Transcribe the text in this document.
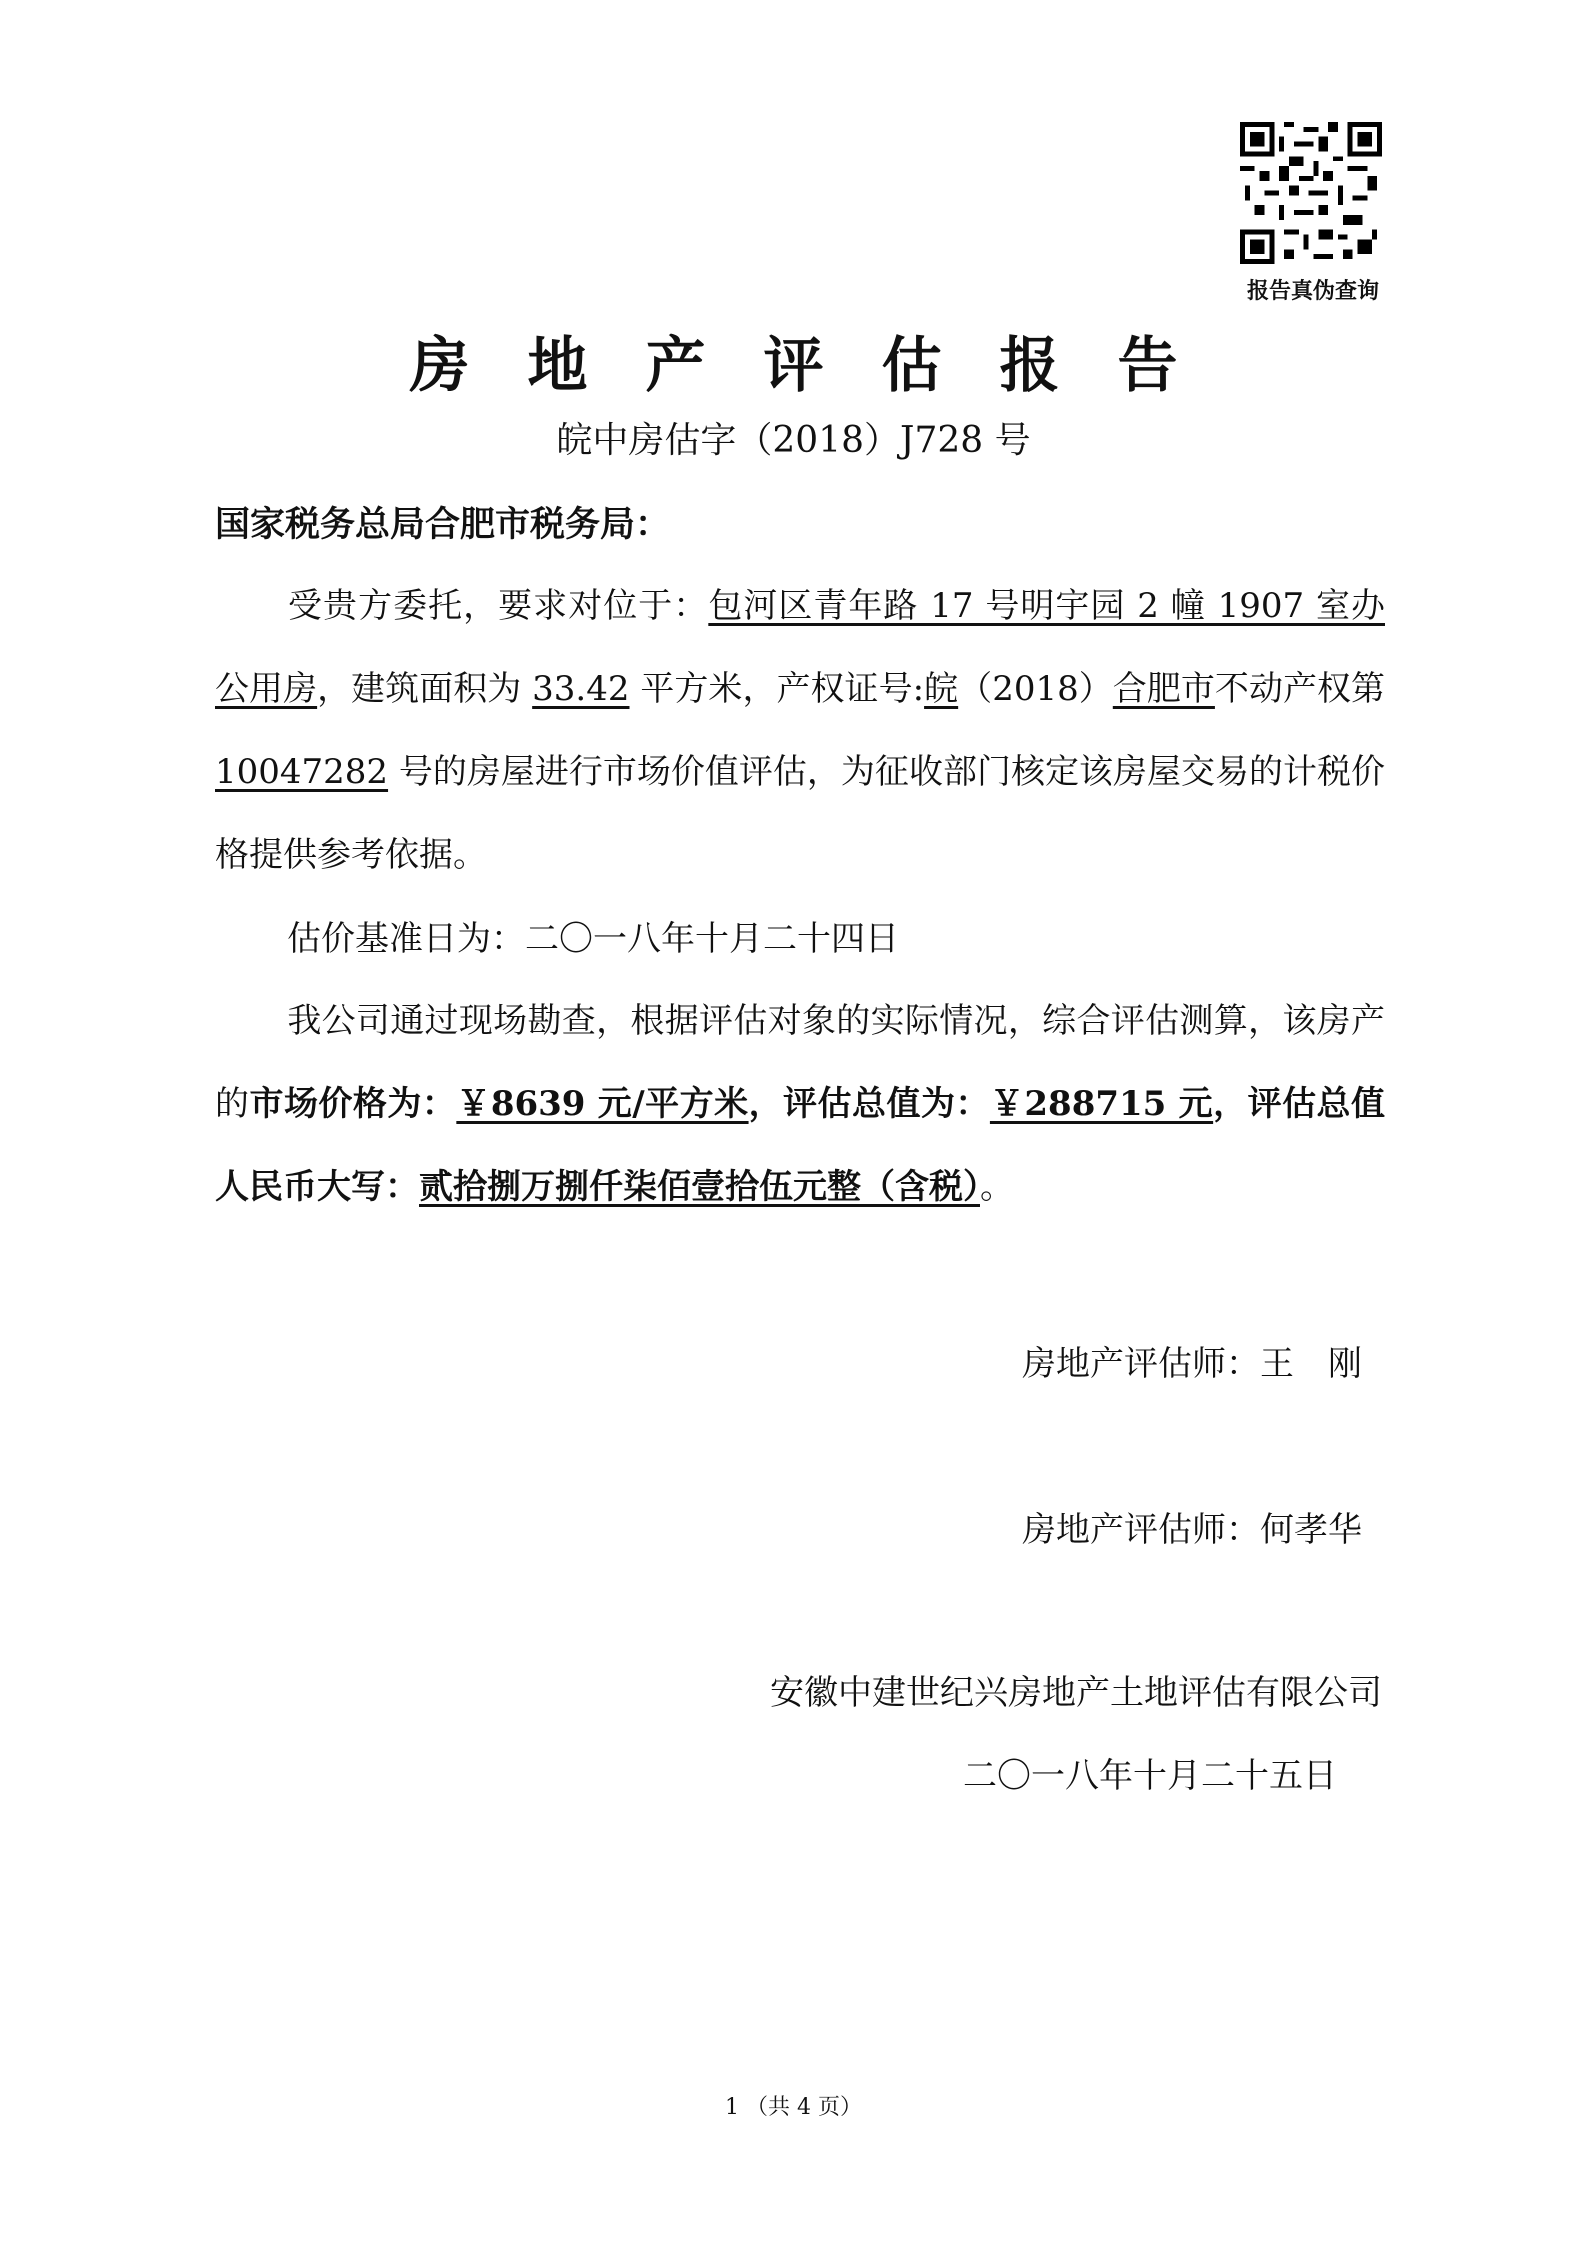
报告真伪查询
房地产评估报告
皖中房估字（2018）J728 号
国家税务总局合肥市税务局：
受贵方委托，要求对位于：包河区青年路 17 号明宇园 2 幢 1907 室办公用房，建筑面积为 33.42 平方米，产权证号:皖（2018）合肥市不动产权第 10047282 号的房屋进行市场价值评估，为征收部门核定该房屋交易的计税价格提供参考依据。
估价基准日为：二〇一八年十月二十四日
我公司通过现场勘查，根据评估对象的实际情况，综合评估测算，该房产的市场价格为：￥8639 元/平方米，评估总值为：￥288715 元，评估总值人民币大写：贰拾捌万捌仟柒佰壹拾伍元整（含税）。
房地产评估师：王　刚
房地产评估师：何孝华
安徽中建世纪兴房地产土地评估有限公司
二〇一八年十月二十五日
1 （共 4 页）
